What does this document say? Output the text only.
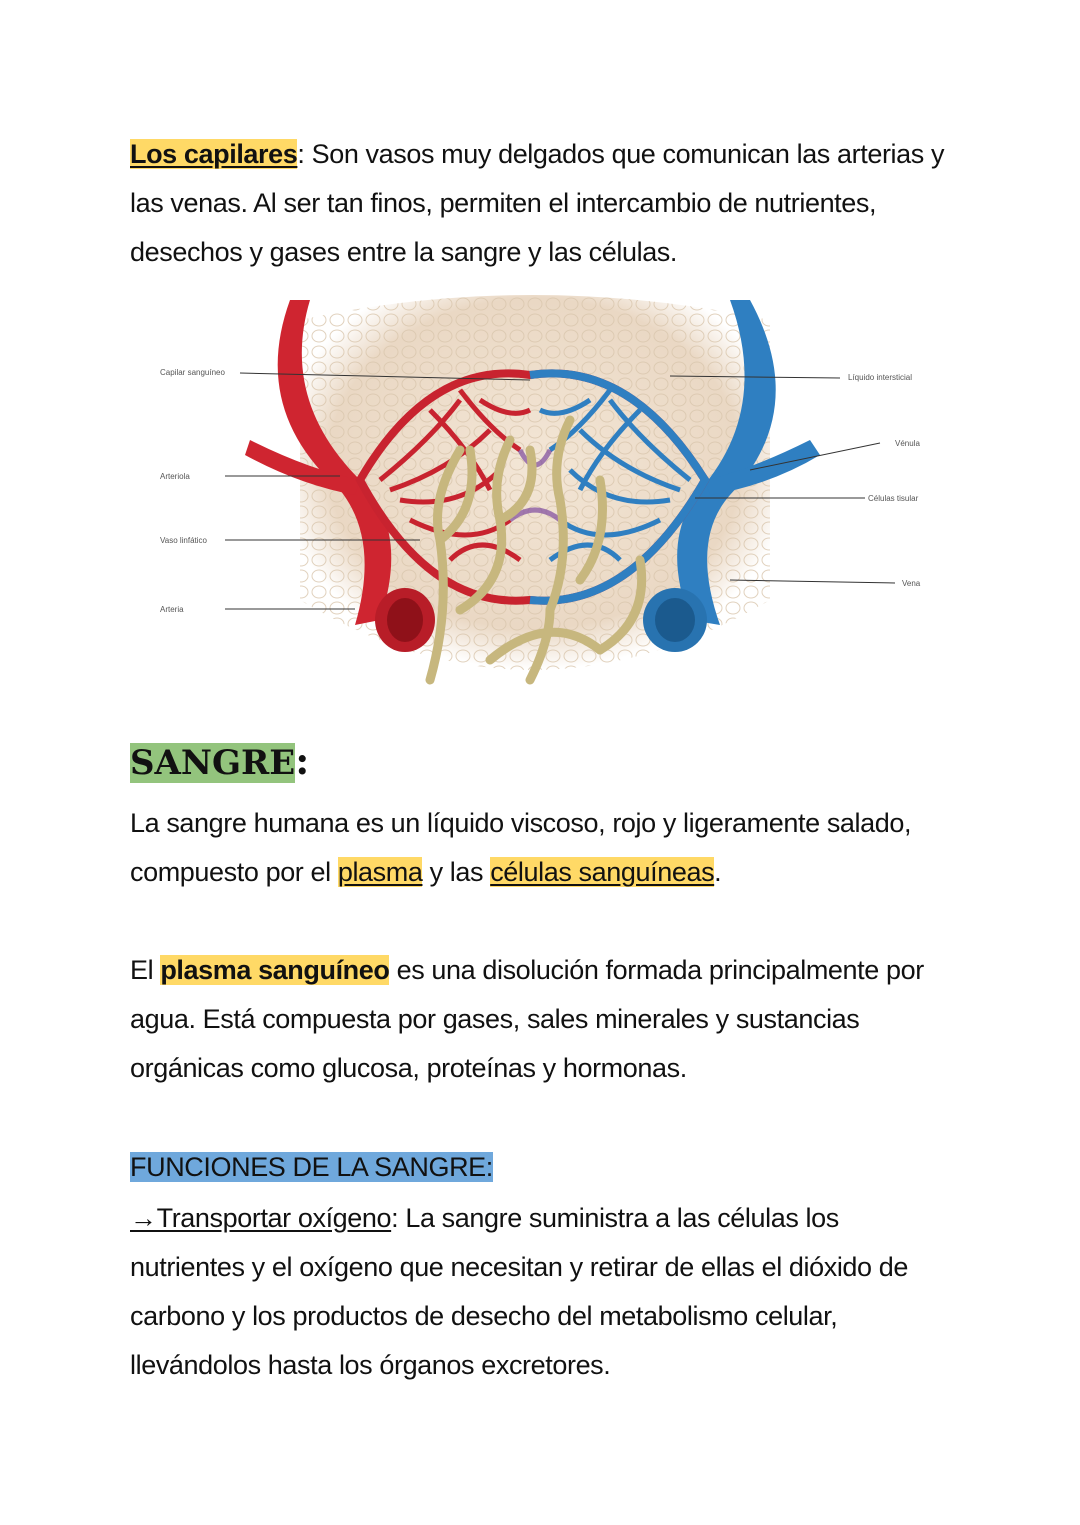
Los capilares: Son vasos muy delgados que comunican las arterias y las venas. Al ser tan finos, permiten el intercambio de nutrientes, desechos y gases entre la sangre y las células.

Capilar sanguíneo
Arteriola
Vaso linfático
Arteria
Líquido intersticial
Vénula
Células tisular
Vena
SANGRE:

La sangre humana es un líquido viscoso, rojo y ligeramente salado, compuesto por el plasma y las células sanguíneas.

El plasma sanguíneo es una disolución formada principalmente por agua. Está compuesta por gases, sales minerales y sustancias orgánicas como glucosa, proteínas y hormonas.

FUNCIONES DE LA SANGRE:

→Transportar oxígeno: La sangre suministra a las células los nutrientes y el oxígeno que necesitan y retirar de ellas el dióxido de carbono y los productos de desecho del metabolismo celular, llevándolos hasta los órganos excretores.
